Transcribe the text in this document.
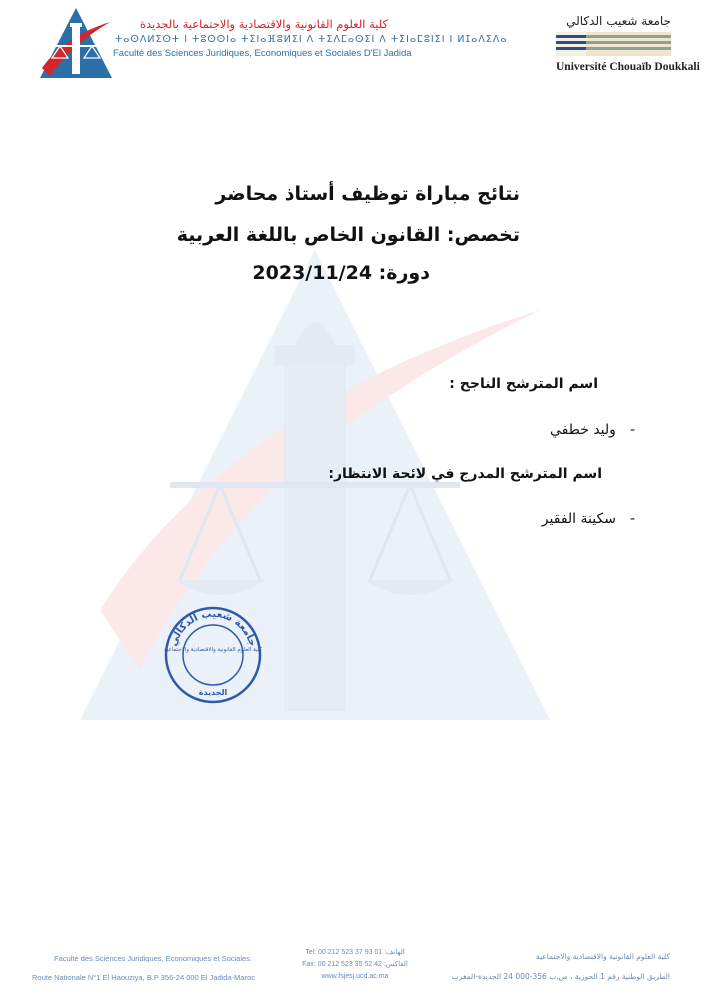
كلية العلوم القانونية والاقتصادية والاجتماعية بالجديدة
ⵜⴰⵙⴷⵍⵉⵙⵜ ⵏ ⵜⵓⵙⵙⵏⴰ ⵜⵉⵏⴰⴼⵓⵍⵉⵏ ⴷ ⵜⵉⴷⵎⴰⵙⵉⵏ ⴷ ⵜⵉⵏⴰⵎⵓⵏⵉⵏ ⵏ ⵍⵊⴰⴷⵉⴷⴰ
Faculté des Sciences Juridiques, Economiques et Sociales D'El Jadida
جامعة شعيب الدكالي
Université Chouaïb Doukkali
نتائج مباراة توظيف أستاذ محاضر
تخصص: القانون الخاص باللغة العربية
دورة: 2023/11/24
اسم المترشح الناجح :
-وليد خطفي
اسم المترشح المدرج في لائحة الانتظار:
-سكينة الفقير
جامعة شعيب الدكالي
كلية العلوم القانونية والاقتصادية والاجتماعية
الجديدة
Faculté des Sciences Juridiques, Economiques et Sociales.
Route Nationale N°1 El Haouziya, B.P 356-24 000 El Jadida-Maroc
Tel: 00 212 523 37 93 01 :الهاتف
Fax: 00 212 523 35 52 42 :الفاكس
www.fsjesj.ucd.ac.ma
كلية العلوم القانونية والاقتصادية والاجتماعية
الطريق الوطنية رقم 1 الحوزية ، ص.ب 356-000 24 الجديدة-المغرب
